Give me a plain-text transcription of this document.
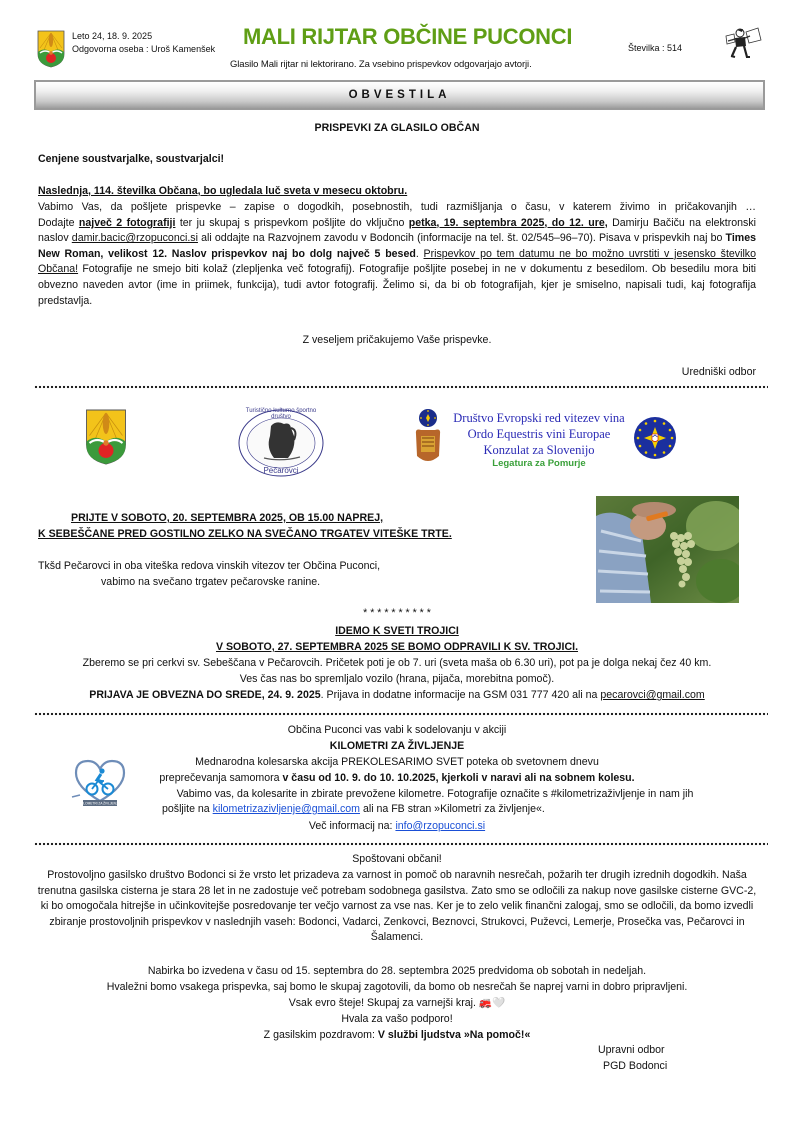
Leto 24, 18. 9. 2025
Odgovorna oseba : Uroš Kamenšek MALI RIJTAR OBČINE PUCONCI
Glasilo Mali rijtar ni lektorirano. Za vsebino prispevkov odgovarjajo avtorji.
Številka : 514
OBVESTILA
PRISPEVKI ZA GLASILO OBČAN
Cenjene soustvarjalke, soustvarjalci!
Naslednja, 114. številka Občana, bo ugledala luč sveta v mesecu oktobru.
Vabimo Vas, da pošljete prispevke – zapise o dogodkih, posebnostih, tudi razmišljanja o času, v katerem živimo in pričakovanjih …
Dodajte največ 2 fotografiji ter ju skupaj s prispevkom pošljite do vključno petka, 19. septembra 2025, do 12. ure, Damirju Bačiču na elektronski naslov damir.bacic@rzopuconci.si ali oddajte na Razvojnem zavodu v Bodoncih (informacije na tel. št. 02/545–96–70). Pisava v prispevkih naj bo Times New Roman, velikost 12. Naslov prispevkov naj bo dolg največ 5 besed. Prispevkov po tem datumu ne bo možno uvrstiti v jesensko številko Občana! Fotografije ne smejo biti kolaž (zlepljenka več fotografij). Fotografije pošljite posebej in ne v dokumentu z besedilom. Ob besedilu mora biti obvezno naveden avtor (ime in priimek, funkcija), tudi avtor fotografij. Želimo si, da bi ob fotografijah, kjer je smiselno, napisali tudi, kaj fotografija predstavlja.
Z veseljem pričakujemo Vaše prispevke.
Uredniški odbor
Turistično kulturno športno društvo
Pečarovci
Društvo Evropski red vitezev vina
Ordo Equestris vini Europae
Konzulat za Slovenijo
Legatura za Pomurje
PRIJTE V SOBOTO, 20. SEPTEMBRA 2025, OB 15.00 NAPREJ,
K SEBEŠČANE PRED GOSTILNO ZELKO NA SVEČANO TRGATEV VITEŠKE TRTE.
Tkšd Pečarovci in oba viteška redova vinskih vitezov ter Občina Puconci,
vabimo na svečano trgatev pečarovske ranine.
* * * * * * * * * *
IDEMO K SVETI TROJICI
V SOBOTO, 27. SEPTEMBRA 2025 SE BOMO ODPRAVILI K SV. TROJICI.
Zberemo se pri cerkvi sv. Sebeščana v Pečarovcih. Pričetek poti je ob 7. uri (sveta maša ob 6.30 uri), pot pa je dolga nekaj čez 40 km.
Ves čas nas bo spremljalo vozilo (hrana, pijača, morebitna pomoč).
PRIJAVA JE OBVEZNA DO SREDE, 24. 9. 2025. Prijava in dodatne informacije na GSM 031 777 420 ali na pecarovci@gmail.com
KILOMETRI ZA ŽIVLJENJE
Občina Puconci vas vabi k sodelovanju v akciji
KILOMETRI ZA ŽIVLJENJE
Mednarodna kolesarska akcija PREKOLESARIMO SVET poteka ob svetovnem dnevu
preprečevanja samomora v času od 10. 9. do 10. 10.2025, kjerkoli v naravi ali na sobnem kolesu.
Vabimo vas, da kolesarite in zbirate prevožene kilometre. Fotografije označite s #kilometrizaživljenje in nam jih
pošljite na kilometrizazivljenje@gmail.com ali na FB stran »Kilometri za življenje«.
Več informacij na: info@rzopuconci.si
Spoštovani občani!
Prostovoljno gasilsko društvo Bodonci si že vrsto let prizadeva za varnost in pomoč ob naravnih nesrečah, požarih ter drugih izrednih dogodkih. Naša trenutna gasilska cisterna je stara 28 let in ne zadostuje več potrebam sodobnega gasilstva. Zato smo se odločili za nakup nove gasilske cisterne GVC-2, ki bo omogočala hitrejše in učinkovitejše posredovanje ter večjo varnost za vse nas. Ker je to zelo velik finančni zalogaj, smo se odločili, da bomo izvedli zbiranje prostovoljnih prispevkov v naslednjih vaseh: Bodonci, Vadarci, Zenkovci, Beznovci, Strukovci, Puževci, Lemerje, Prosečka vas, Pečarovci in Šalamenci.
Nabirka bo izvedena v času od 15. septembra do 28. septembra 2025 predvidoma ob sobotah in nedeljah.
Hvaležni bomo vsakega prispevka, saj bomo le skupaj zagotovili, da bomo ob nesrečah še naprej varni in dobro pripravljeni.
Vsak evro šteje! Skupaj za varnejši kraj. 🚒🤍
Hvala za vašo podporo!
Z gasilskim pozdravom: V službi ljudstva »Na pomoč!«
Upravni odbor
PGD Bodonci
